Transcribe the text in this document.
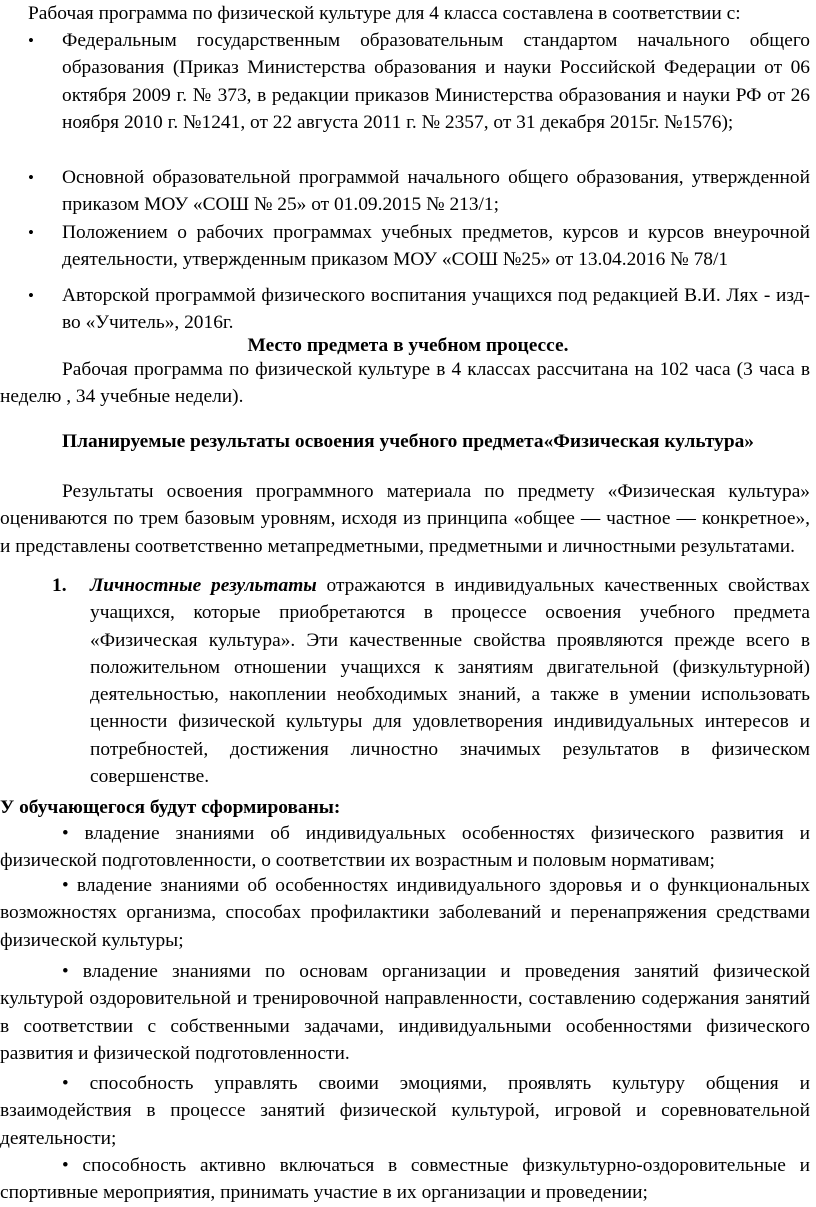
Рабочая программа по физической культуре для 4 класса составлена в соответствии с:
•	Федеральным государственным образовательным стандартом начального общего образования (Приказ Министерства образования и науки Российской Федерации от 06 октября 2009 г. № 373, в редакции приказов Министерства образования и науки РФ от 26 ноября 2010 г. №1241, от 22 августа 2011 г. № 2357, от 31 декабря 2015г. №1576);
•	Основной образовательной программой начального общего образования, утвержденной приказом МОУ «СОШ № 25» от 01.09.2015 № 213/1;
•	Положением о рабочих программах учебных предметов, курсов и курсов внеурочной деятельности, утвержденным приказом МОУ «СОШ №25» от 13.04.2016 № 78/1
•	Авторской программой физического воспитания учащихся под редакцией В.И. Лях - изд-во «Учитель», 2016г.
Место предмета в учебном процессе.
Рабочая программа по физической культуре в 4 классах рассчитана на 102 часа (3 часа в неделю , 34 учебные недели).
Планируемые результаты освоения учебного предмета«Физическая культура»
Результаты освоения программного материала по предмету «Физическая культура» оцениваются по трем базовым уровням, исходя из принципа «общее — частное — конкретное», и представлены соответственно метапредметными, предметными и личностными результатами.
1. Личностные результаты отражаются в индивидуальных качественных свойствах учащихся, которые приобретаются в процессе освоения учебного предмета «Физическая культура». Эти качественные свойства проявляются прежде всего в положительном отношении учащихся к занятиям двигательной (физкультурной) деятельностью, накоплении необходимых знаний, а также в умении использовать ценности физической культуры для удовлетворения индивидуальных интересов и потребностей, достижения личностно значимых результатов в физическом совершенстве.
У обучающегося будут сформированы:
• владение знаниями об индивидуальных особенностях физического развития и физической подготовленности, о соответствии их возрастным и половым нормативам;
• владение знаниями об особенностях индивидуального здоровья и о функциональных возможностях организма, способах профилактики заболеваний и перенапряжения средствами физической культуры;
• владение знаниями по основам организации и проведения занятий физической культурой оздоровительной и тренировочной направленности, составлению содержания занятий в соответствии с собственными задачами, индивидуальными особенностями физического развития и физической подготовленности.
• способность управлять своими эмоциями, проявлять культуру общения и взаимодействия в процессе занятий физической культурой, игровой и соревновательной деятельности;
• способность активно включаться в совместные физкультурно-оздоровительные и спортивные мероприятия, принимать участие в их организации и проведении;
